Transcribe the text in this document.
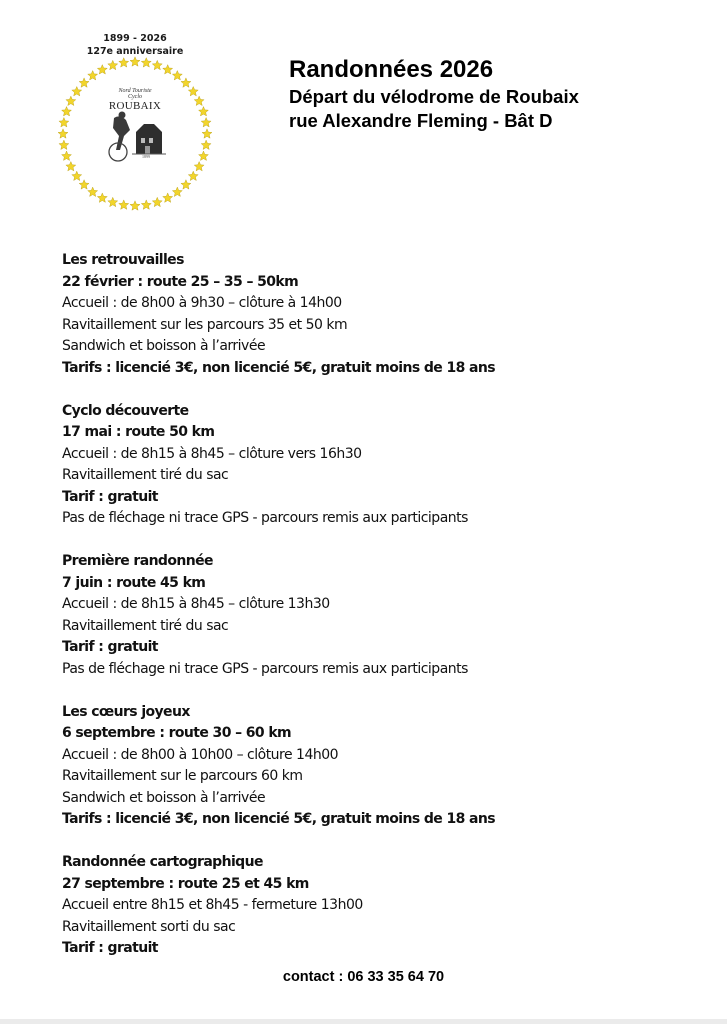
1899 - 2026
127e anniversaire
Nord Touriste
Cyclo
ROUBAIX
1899
Randonnées 2026
Départ du vélodrome de Roubaix
rue Alexandre Fleming - Bât D
Les retrouvailles
22 février : route 25 – 35 – 50km
Accueil : de 8h00 à 9h30 – clôture à 14h00
Ravitaillement sur les parcours 35 et 50 km
Sandwich et boisson à l’arrivée
Tarifs : licencié 3€, non licencié 5€, gratuit moins de 18 ans
Cyclo découverte
17 mai : route 50 km
Accueil : de 8h15 à 8h45 – clôture vers 16h30
Ravitaillement tiré du sac
Tarif : gratuit
Pas de fléchage ni trace GPS - parcours remis aux participants
Première randonnée
7 juin : route 45 km
Accueil : de 8h15 à 8h45 – clôture 13h30
Ravitaillement tiré du sac
Tarif : gratuit
Pas de fléchage ni trace GPS - parcours remis aux participants
Les cœurs joyeux
6 septembre : route 30 – 60 km
Accueil : de 8h00 à 10h00 – clôture 14h00
Ravitaillement sur le parcours 60 km
Sandwich et boisson à l’arrivée
Tarifs : licencié 3€, non licencié 5€, gratuit moins de 18 ans
Randonnée cartographique
27 septembre : route 25 et 45 km
Accueil entre 8h15 et 8h45 - fermeture 13h00
Ravitaillement sorti du sac
Tarif : gratuit
contact : 06 33 35 64 70
